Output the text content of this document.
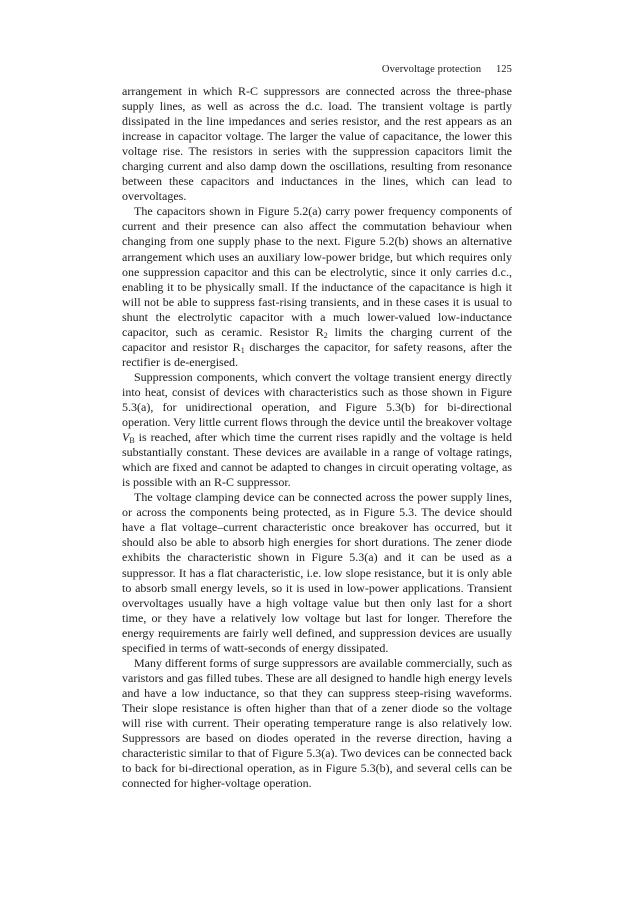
Overvoltage protection 125

arrangement in which R-C suppressors are connected across the three-phase supply lines, as well as across the d.c. load. The transient voltage is partly dissipated in the line impedances and series resistor, and the rest appears as an increase in capacitor voltage. The larger the value of capacitance, the lower this voltage rise. The resistors in series with the suppression capacitors limit the charging current and also damp down the oscillations, resulting from resonance between these capacitors and inductances in the lines, which can lead to overvoltages.

The capacitors shown in Figure 5.2(a) carry power frequency components of current and their presence can also affect the commutation behaviour when changing from one supply phase to the next. Figure 5.2(b) shows an alternative arrangement which uses an auxiliary low-power bridge, but which requires only one suppression capacitor and this can be electrolytic, since it only carries d.c., enabling it to be physically small. If the inductance of the capacitance is high it will not be able to suppress fast-rising transients, and in these cases it is usual to shunt the electrolytic capacitor with a much lower-valued low-inductance capacitor, such as ceramic. Resistor $R_2$ limits the charging current of the capacitor and resistor $R_1$ discharges the capacitor, for safety reasons, after the rectifier is de-energised.

Suppression components, which convert the voltage transient energy directly into heat, consist of devices with characteristics such as those shown in Figure 5.3(a), for unidirectional operation, and Figure 5.3(b) for bi-directional operation. Very little current flows through the device until the breakover voltage $V_B$ is reached, after which time the current rises rapidly and the voltage is held substantially constant. These devices are available in a range of voltage ratings, which are fixed and cannot be adapted to changes in circuit operating voltage, as is possible with an R-C suppressor.

The voltage clamping device can be connected across the power supply lines, or across the components being protected, as in Figure 5.3. The device should have a flat voltage–current characteristic once breakover has occurred, but it should also be able to absorb high energies for short durations. The zener diode exhibits the characteristic shown in Figure 5.3(a) and it can be used as a suppressor. It has a flat characteristic, i.e. low slope resistance, but it is only able to absorb small energy levels, so it is used in low-power applications. Transient overvoltages usually have a high voltage value but then only last for a short time, or they have a relatively low voltage but last for longer. Therefore the energy requirements are fairly well defined, and suppression devices are usually specified in terms of watt-seconds of energy dissipated.

Many different forms of surge suppressors are available commercially, such as varistors and gas filled tubes. These are all designed to handle high energy levels and have a low inductance, so that they can suppress steep-rising waveforms. Their slope resistance is often higher than that of a zener diode so the voltage will rise with current. Their operating temperature range is also relatively low. Suppressors are based on diodes operated in the reverse direction, having a characteristic similar to that of Figure 5.3(a). Two devices can be connected back to back for bi-directional operation, as in Figure 5.3(b), and several cells can be connected for higher-voltage operation.
